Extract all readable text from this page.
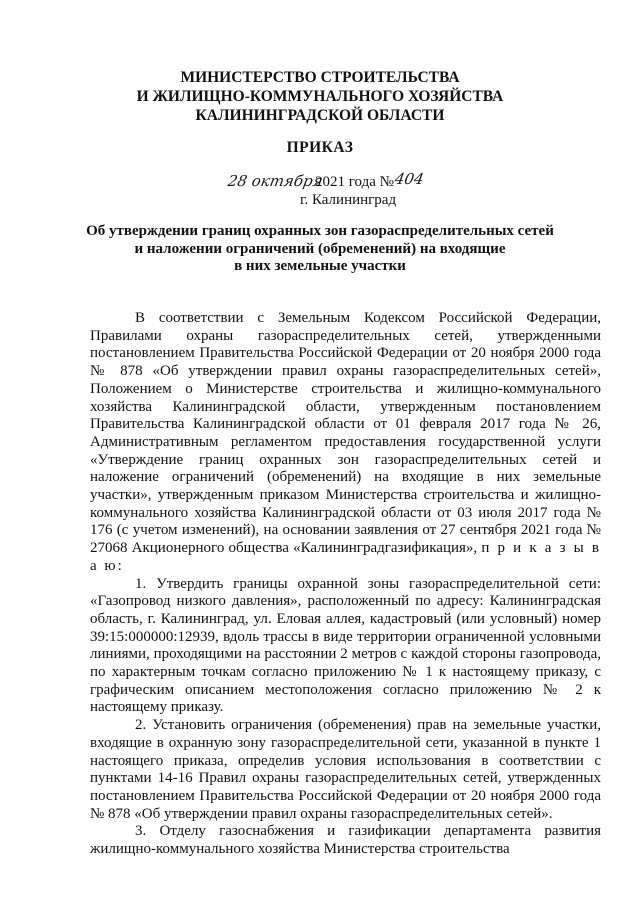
МИНИСТЕРСТВО СТРОИТЕЛЬСТВА
И ЖИЛИЩНО-КОММУНАЛЬНОГО ХОЗЯЙСТВА
КАЛИНИНГРАДСКОЙ ОБЛАСТИ
ПРИКАЗ
28 октября
2021 года № 404
г. Калининград
Об утверждении границ охранных зон газораспределительных сетей
и наложении ограничений (обременений) на входящие
в них земельные участки

В соответствии с Земельным Кодексом Российской Федерации, Правилами охраны газораспределительных сетей, утвержденными постановлением Правительства Российской Федерации от 20 ноября 2000 года № 878 «Об утверждении правил охраны газораспределительных сетей», Положением о Министерстве строительства и жилищно-коммунального хозяйства Калининградской области, утвержденным постановлением Правительства Калининградской области от 01 февраля 2017 года № 26, Административным регламентом предоставления государственной услуги «Утверждение границ охранных зон газораспределительных сетей и наложение ограничений (обременений) на входящие в них земельные участки», утвержденным приказом Министерства строительства и жилищно-коммунального хозяйства Калининградской области от 03 июля 2017 года № 176 (с учетом изменений), на основании заявления от 27 сентября 2021 года № 27068 Акционерного общества «Калининградгазификация», п р и к а з ы в а ю:

1. Утвердить границы охранной зоны газораспределительной сети: «Газопровод низкого давления», расположенный по адресу: Калининградская область, г. Калининград, ул. Еловая аллея, кадастровый (или условный) номер 39:15:000000:12939, вдоль трассы в виде территории ограниченной условными линиями, проходящими на расстоянии 2 метров с каждой стороны газопровода, по характерным точкам согласно приложению № 1 к настоящему приказу, с графическим описанием местоположения согласно приложению № 2 к настоящему приказу.

2. Установить ограничения (обременения) прав на земельные участки, входящие в охранную зону газораспределительной сети, указанной в пункте 1 настоящего приказа, определив условия использования в соответствии с пунктами 14-16 Правил охраны газораспределительных сетей, утвержденных постановлением Правительства Российской Федерации от 20 ноября 2000 года № 878 «Об утверждении правил охраны газораспределительных сетей».

3. Отделу газоснабжения и газификации департамента развития жилищно-коммунального хозяйства Министерства строительства
